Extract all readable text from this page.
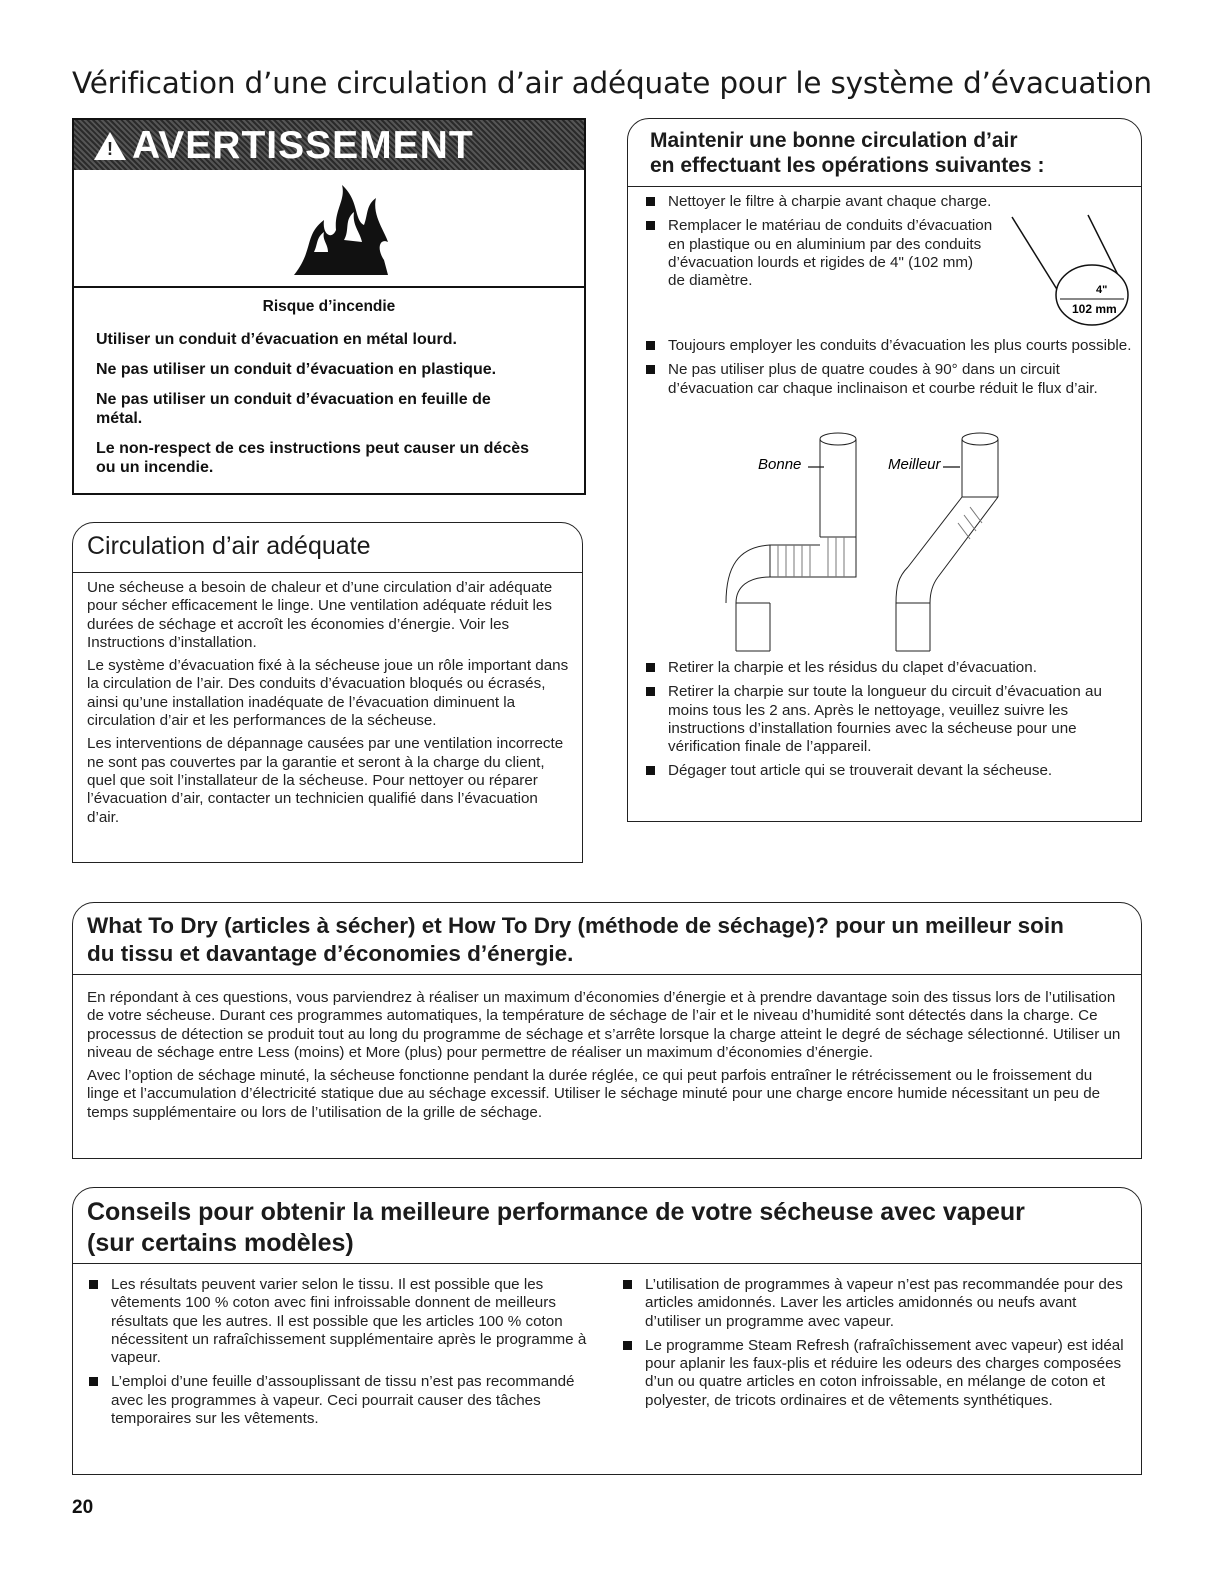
Vérification d’une circulation d’air adéquate pour le système d’évacuation
! AVERTISSEMENT
Risque d’incendie
Utiliser un conduit d’évacuation en métal lourd.
Ne pas utiliser un conduit d’évacuation en plastique.
Ne pas utiliser un conduit d’évacuation en feuille de métal.
Le non-respect de ces instructions peut causer un décès ou un incendie.
Circulation d’air adéquate

Une sécheuse a besoin de chaleur et d’une circulation d’air adéquate pour sécher efficacement le linge. Une ventilation adéquate réduit les durées de séchage et accroît les économies d’énergie. Voir les Instructions d’installation.

Le système d’évacuation fixé à la sécheuse joue un rôle important dans la circulation de l’air. Des conduits d’évacuation bloqués ou écrasés, ainsi qu’une installation inadéquate de l’évacuation diminuent la circulation d’air et les performances de la sécheuse.

Les interventions de dépannage causées par une ventilation incorrecte ne sont pas couvertes par la garantie et seront à la charge du client, quel que soit l’installateur de la sécheuse. Pour nettoyer ou réparer l’évacuation d’air, contacter un technicien qualifié dans l’évacuation d’air.

Maintenir une bonne circulation d’air
en effectuant les opérations suivantes :
Nettoyer le filtre à charpie avant chaque charge.
Remplacer le matériau de conduits d’évacuation en plastique ou en aluminium par des conduits d’évacuation lourds et rigides de 4" (102 mm) de diamètre.
4"
102 mm
Toujours employer les conduits d’évacuation les plus courts possible.
Ne pas utiliser plus de quatre coudes à 90° dans un circuit d’évacuation car chaque inclinaison et courbe réduit le flux d’air.
Bonne	Meilleur
Retirer la charpie et les résidus du clapet d’évacuation.
Retirer la charpie sur toute la longueur du circuit d’évacuation au moins tous les 2 ans. Après le nettoyage, veuillez suivre les instructions d’installation fournies avec la sécheuse pour une vérification finale de l’appareil.
Dégager tout article qui se trouverait devant la sécheuse.
What To Dry (articles à sécher) et How To Dry (méthode de séchage)? pour un meilleur soin
du tissu et davantage d’économies d’énergie.

En répondant à ces questions, vous parviendrez à réaliser un maximum d’économies d’énergie et à prendre davantage soin des tissus lors de l’utilisation de votre sécheuse. Durant ces programmes automatiques, la température de séchage de l’air et le niveau d’humidité sont détectés dans la charge. Ce processus de détection se produit tout au long du programme de séchage et s’arrête lorsque la charge atteint le degré de séchage sélectionné. Utiliser un niveau de séchage entre Less (moins) et More (plus) pour permettre de réaliser un maximum d’économies d’énergie.

Avec l’option de séchage minuté, la sécheuse fonctionne pendant la durée réglée, ce qui peut parfois entraîner le rétrécissement ou le froissement du linge et l’accumulation d’électricité statique due au séchage excessif. Utiliser le séchage minuté pour une charge encore humide nécessitant un peu de temps supplémentaire ou lors de l’utilisation de la grille de séchage.

Conseils pour obtenir la meilleure performance de votre sécheuse avec vapeur
(sur certains modèles)
Les résultats peuvent varier selon le tissu. Il est possible que les vêtements 100 % coton avec fini infroissable donnent de meilleurs résultats que les autres. Il est possible que les articles 100 % coton nécessitent un rafraîchissement supplémentaire après le programme à vapeur.
L’emploi d’une feuille d’assouplissant de tissu n’est pas recommandé avec les programmes à vapeur. Ceci pourrait causer des tâches temporaires sur les vêtements.
L’utilisation de programmes à vapeur n’est pas recommandée pour des articles amidonnés. Laver les articles amidonnés ou neufs avant d’utiliser un programme avec vapeur.
Le programme Steam Refresh (rafraîchissement avec vapeur) est idéal pour aplanir les faux-plis et réduire les odeurs des charges composées d’un ou quatre articles en coton infroissable, en mélange de coton et polyester, de tricots ordinaires et de vêtements synthétiques.
20
